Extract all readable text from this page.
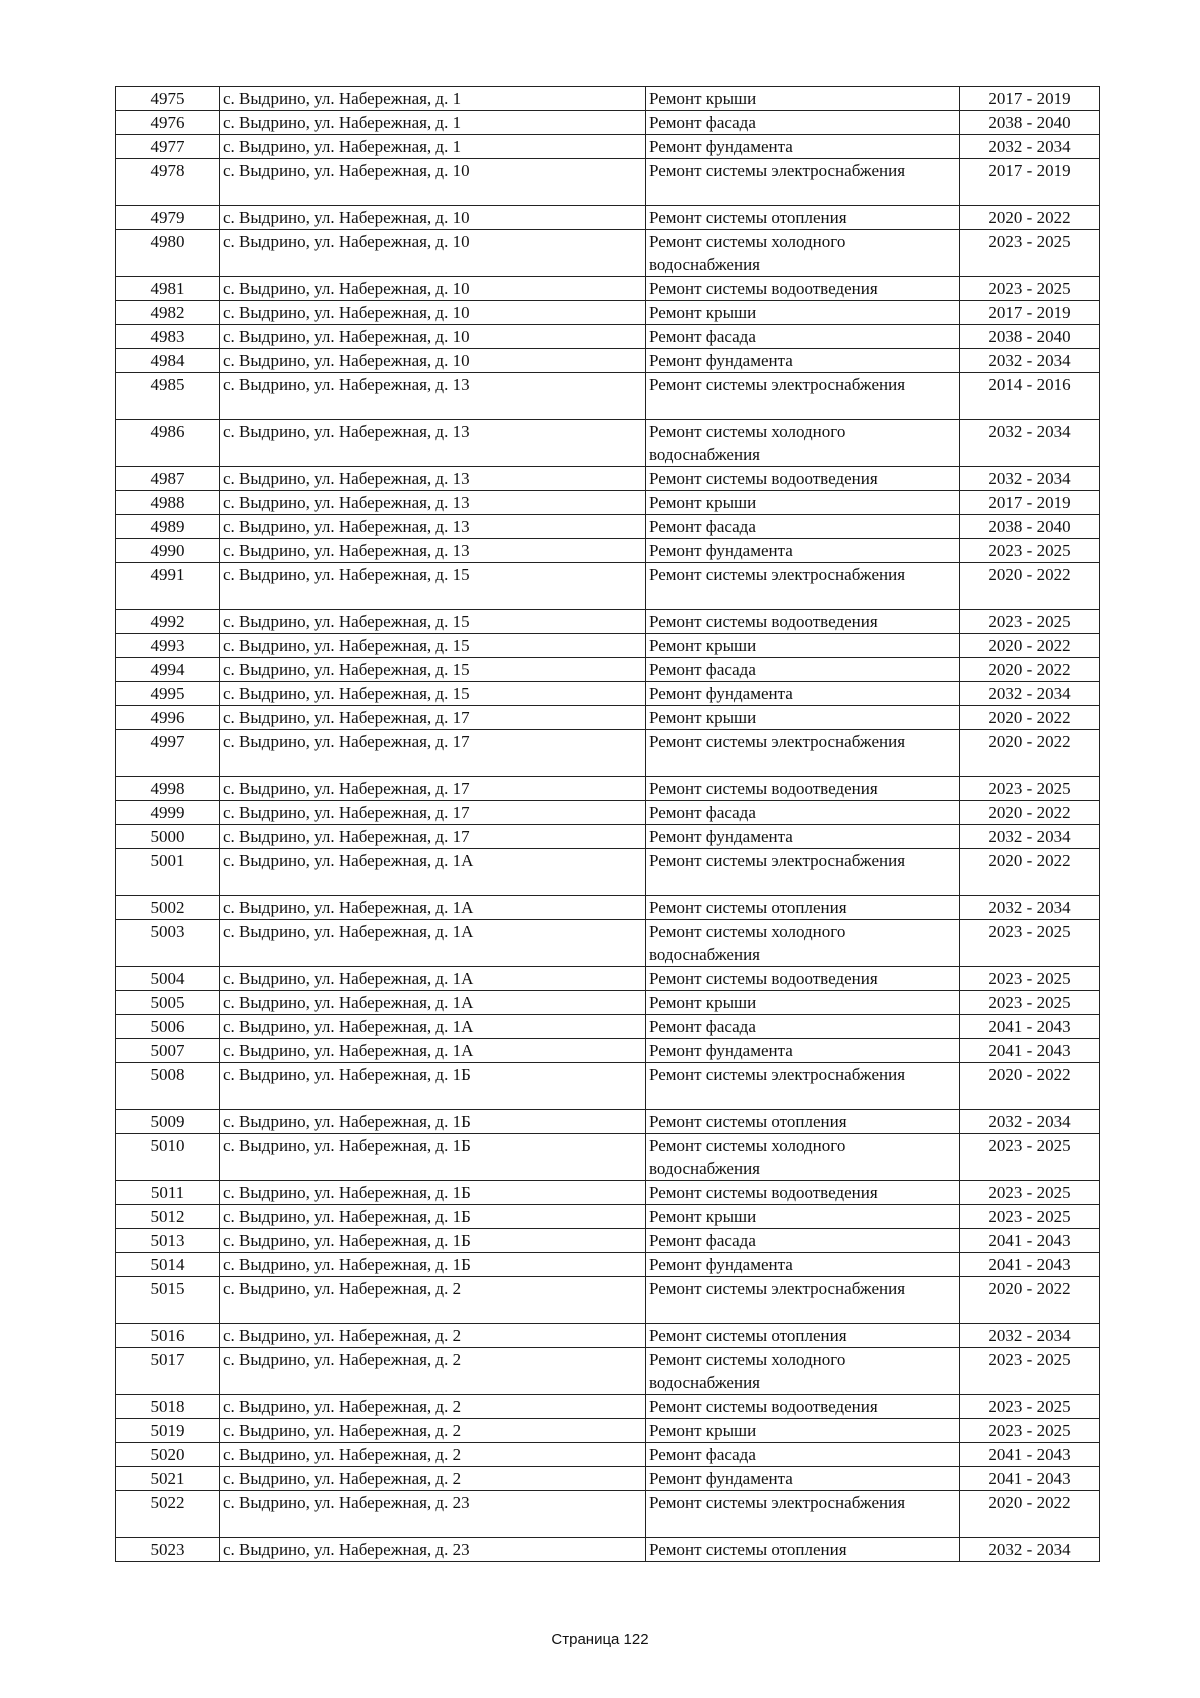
4975	с. Выдрино, ул. Набережная, д. 1	Ремонт крыши	2017 - 2019
4976	с. Выдрино, ул. Набережная, д. 1	Ремонт фасада	2038 - 2040
4977	с. Выдрино, ул. Набережная, д. 1	Ремонт фундамента	2032 - 2034
4978	с. Выдрино, ул. Набережная, д. 10	Ремонт системы электроснабжения	2017 - 2019
4979	с. Выдрино, ул. Набережная, д. 10	Ремонт системы отопления	2020 - 2022
4980	с. Выдрино, ул. Набережная, д. 10	Ремонт системы холодного водоснабжения	2023 - 2025
4981	с. Выдрино, ул. Набережная, д. 10	Ремонт системы водоотведения	2023 - 2025
4982	с. Выдрино, ул. Набережная, д. 10	Ремонт крыши	2017 - 2019
4983	с. Выдрино, ул. Набережная, д. 10	Ремонт фасада	2038 - 2040
4984	с. Выдрино, ул. Набережная, д. 10	Ремонт фундамента	2032 - 2034
4985	с. Выдрино, ул. Набережная, д. 13	Ремонт системы электроснабжения	2014 - 2016
4986	с. Выдрино, ул. Набережная, д. 13	Ремонт системы холодного водоснабжения	2032 - 2034
4987	с. Выдрино, ул. Набережная, д. 13	Ремонт системы водоотведения	2032 - 2034
4988	с. Выдрино, ул. Набережная, д. 13	Ремонт крыши	2017 - 2019
4989	с. Выдрино, ул. Набережная, д. 13	Ремонт фасада	2038 - 2040
4990	с. Выдрино, ул. Набережная, д. 13	Ремонт фундамента	2023 - 2025
4991	с. Выдрино, ул. Набережная, д. 15	Ремонт системы электроснабжения	2020 - 2022
4992	с. Выдрино, ул. Набережная, д. 15	Ремонт системы водоотведения	2023 - 2025
4993	с. Выдрино, ул. Набережная, д. 15	Ремонт крыши	2020 - 2022
4994	с. Выдрино, ул. Набережная, д. 15	Ремонт фасада	2020 - 2022
4995	с. Выдрино, ул. Набережная, д. 15	Ремонт фундамента	2032 - 2034
4996	с. Выдрино, ул. Набережная, д. 17	Ремонт крыши	2020 - 2022
4997	с. Выдрино, ул. Набережная, д. 17	Ремонт системы электроснабжения	2020 - 2022
4998	с. Выдрино, ул. Набережная, д. 17	Ремонт системы водоотведения	2023 - 2025
4999	с. Выдрино, ул. Набережная, д. 17	Ремонт фасада	2020 - 2022
5000	с. Выдрино, ул. Набережная, д. 17	Ремонт фундамента	2032 - 2034
5001	с. Выдрино, ул. Набережная, д. 1А	Ремонт системы электроснабжения	2020 - 2022
5002	с. Выдрино, ул. Набережная, д. 1А	Ремонт системы отопления	2032 - 2034
5003	с. Выдрино, ул. Набережная, д. 1А	Ремонт системы холодного водоснабжения	2023 - 2025
5004	с. Выдрино, ул. Набережная, д. 1А	Ремонт системы водоотведения	2023 - 2025
5005	с. Выдрино, ул. Набережная, д. 1А	Ремонт крыши	2023 - 2025
5006	с. Выдрино, ул. Набережная, д. 1А	Ремонт фасада	2041 - 2043
5007	с. Выдрино, ул. Набережная, д. 1А	Ремонт фундамента	2041 - 2043
5008	с. Выдрино, ул. Набережная, д. 1Б	Ремонт системы электроснабжения	2020 - 2022
5009	с. Выдрино, ул. Набережная, д. 1Б	Ремонт системы отопления	2032 - 2034
5010	с. Выдрино, ул. Набережная, д. 1Б	Ремонт системы холодного водоснабжения	2023 - 2025
5011	с. Выдрино, ул. Набережная, д. 1Б	Ремонт системы водоотведения	2023 - 2025
5012	с. Выдрино, ул. Набережная, д. 1Б	Ремонт крыши	2023 - 2025
5013	с. Выдрино, ул. Набережная, д. 1Б	Ремонт фасада	2041 - 2043
5014	с. Выдрино, ул. Набережная, д. 1Б	Ремонт фундамента	2041 - 2043
5015	с. Выдрино, ул. Набережная, д. 2	Ремонт системы электроснабжения	2020 - 2022
5016	с. Выдрино, ул. Набережная, д. 2	Ремонт системы отопления	2032 - 2034
5017	с. Выдрино, ул. Набережная, д. 2	Ремонт системы холодного водоснабжения	2023 - 2025
5018	с. Выдрино, ул. Набережная, д. 2	Ремонт системы водоотведения	2023 - 2025
5019	с. Выдрино, ул. Набережная, д. 2	Ремонт крыши	2023 - 2025
5020	с. Выдрино, ул. Набережная, д. 2	Ремонт фасада	2041 - 2043
5021	с. Выдрино, ул. Набережная, д. 2	Ремонт фундамента	2041 - 2043
5022	с. Выдрино, ул. Набережная, д. 23	Ремонт системы электроснабжения	2020 - 2022
5023	с. Выдрино, ул. Набережная, д. 23	Ремонт системы отопления	2032 - 2034
Страница 122
